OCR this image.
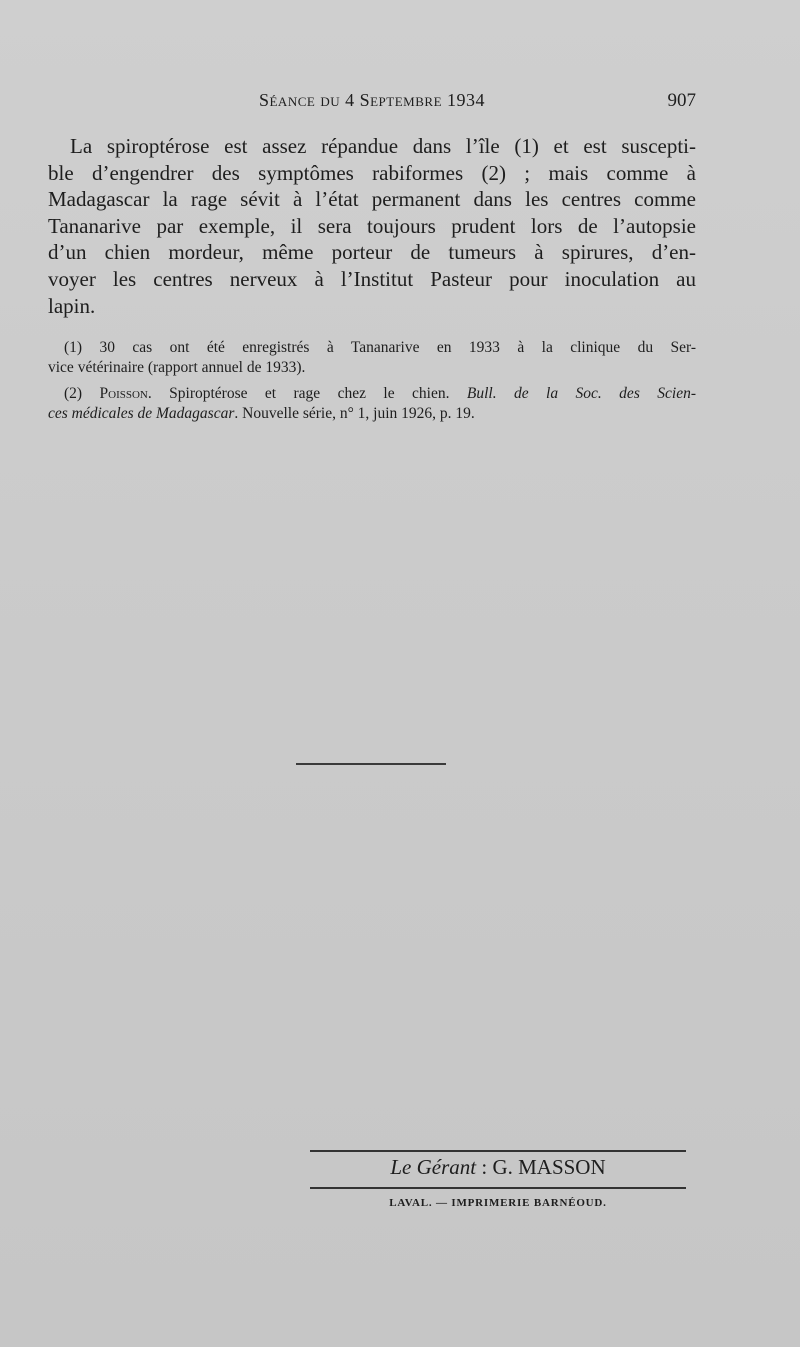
Séance du 4 Septembre 1934	907
La spiroptérose est assez répandue dans l’île (1) et est suscepti-
ble d’engendrer des symptômes rabiformes (2) ; mais comme à
Madagascar la rage sévit à l’état permanent dans les centres comme
Tananarive par exemple, il sera toujours prudent lors de l’autopsie
d’un chien mordeur, même porteur de tumeurs à spirures, d’en-
voyer les centres nerveux à l’Institut Pasteur pour inoculation au
lapin.
(1) 30 cas ont été enregistrés à Tananarive en 1933 à la clinique du Ser-
vice vétérinaire (rapport annuel de 1933).
(2) Poisson. Spiroptérose et rage chez le chien. Bull. de la Soc. des Scien-
ces médicales de Madagascar. Nouvelle série, n° 1, juin 1926, p. 19.
Le Gérant : G. MASSON
LAVAL. — IMPRIMERIE BARNÉOUD.
